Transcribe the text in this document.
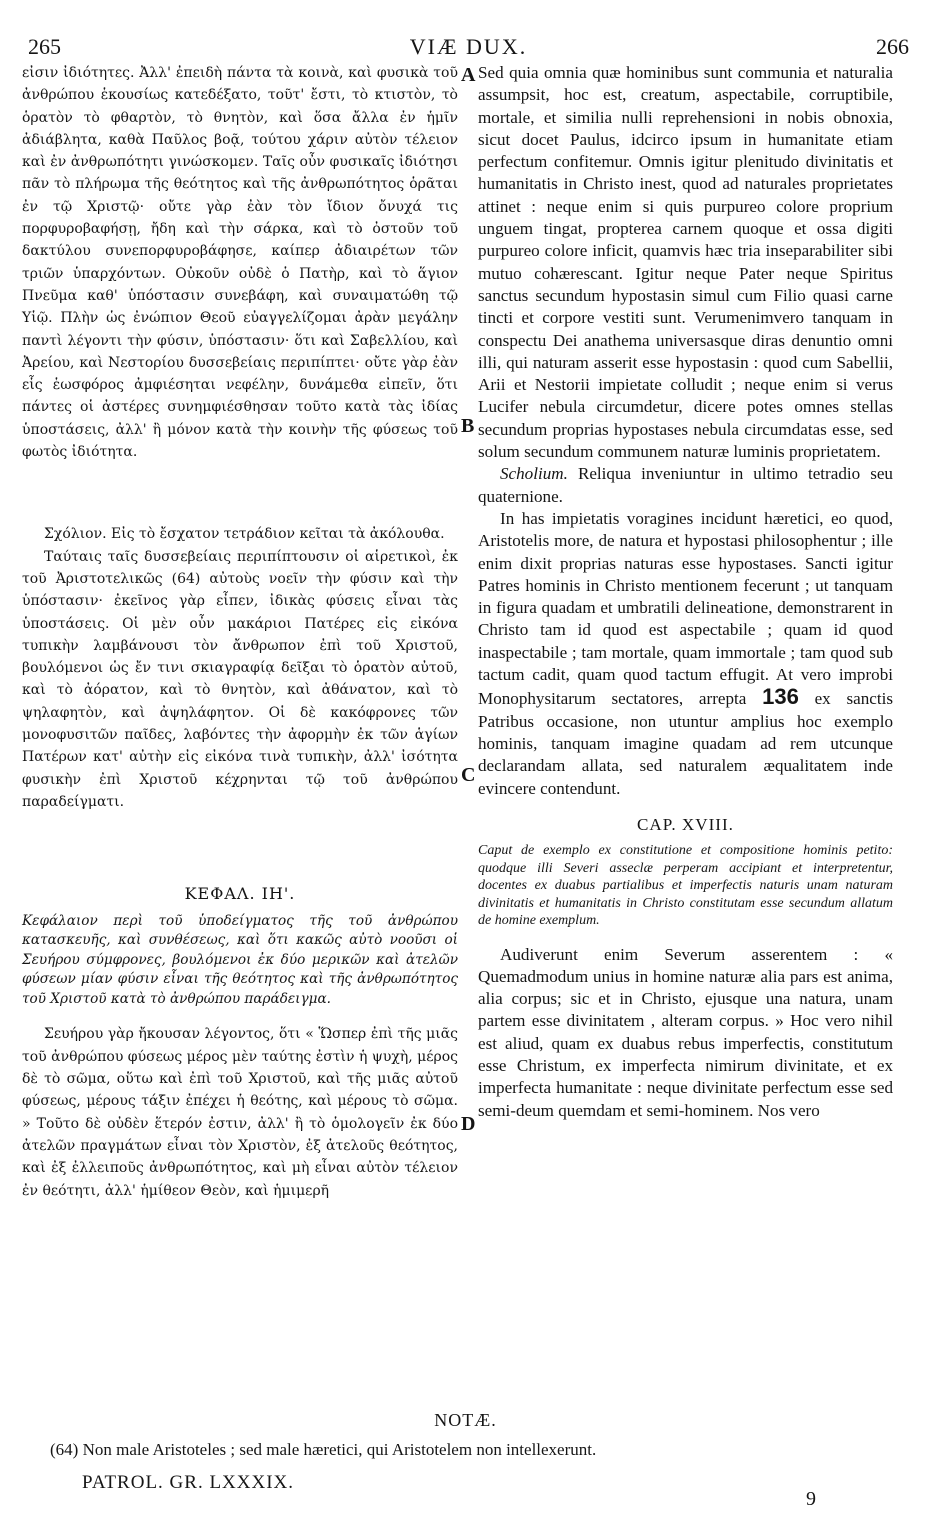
265	VIÆ DUX.	266

εἰσιν ἰδιότητες. Ἀλλ' ἐπειδὴ πάντα τὰ κοινὰ, καὶ φυσικὰ τοῦ ἀνθρώπου ἑκουσίως κατεδέξατο, τοῦτ' ἔστι, τὸ κτιστὸν, τὸ ὁρατὸν τὸ φθαρτὸν, τὸ θνητὸν, καὶ ὅσα ἄλλα ἐν ἡμῖν ἀδιάβλητα, καθὰ Παῦλος βοᾷ, τούτου χάριν αὐτὸν τέλειον καὶ ἐν ἀνθρωπότητι γινώσκομεν. Ταῖς οὖν φυσικαῖς ἰδιότησι πᾶν τὸ πλήρωμα τῆς θεότητος καὶ τῆς ἀνθρωπότητος ὁρᾶται ἐν τῷ Χριστῷ· οὔτε γὰρ ἐὰν τὸν ἴδιον ὄνυχά τις πορφυροβαφήσῃ, ἤδη καὶ τὴν σάρκα, καὶ τὸ ὀστοῦν τοῦ δακτύλου συνεπορφυροβάφησε, καίπερ ἀδιαιρέτων τῶν τριῶν ὑπαρχόντων. Οὐκοῦν οὐδὲ ὁ Πατὴρ, καὶ τὸ ἅγιον Πνεῦμα καθ' ὑπόστασιν συνεβάφη, καὶ συναιματώθη τῷ Υἱῷ. Πλὴν ὡς ἐνώπιον Θεοῦ εὐαγγελίζομαι ἀρὰν μεγάλην παντὶ λέγοντι τὴν φύσιν, ὑπόστασιν· ὅτι καὶ Σαβελλίου, καὶ Ἀρείου, καὶ Νεστορίου δυσσεβείαις περιπίπτει· οὔτε γὰρ ἐὰν εἷς ἑωσφόρος ἀμφιέσηται νεφέλην, δυνάμεθα εἰπεῖν, ὅτι πάντες οἱ ἀστέρες συνημφιέσθησαν τοῦτο κατὰ τὰς ἰδίας ὑποστάσεις, ἀλλ' ἢ μόνον κατὰ τὴν κοινὴν τῆς φύσεως τοῦ φωτὸς ἰδιότητα.

Σχόλιον. Εἰς τὸ ἔσχατον τετράδιον κεῖται τὰ ἀκόλουθα.

Ταύταις ταῖς δυσσεβείαις περιπίπτουσιν οἱ αἱρετικοὶ, ἐκ τοῦ Ἀριστοτελικῶς (64) αὐτοὺς νοεῖν τὴν φύσιν καὶ τὴν ὑπόστασιν· ἐκεῖνος γὰρ εἶπεν, ἰδικὰς φύσεις εἶναι τὰς ὑποστάσεις. Οἱ μὲν οὖν μακάριοι Πατέρες εἰς εἰκόνα τυπικὴν λαμβάνουσι τὸν ἄνθρωπον ἐπὶ τοῦ Χριστοῦ, βουλόμενοι ὡς ἔν τινι σκιαγραφίᾳ δεῖξαι τὸ ὁρατὸν αὐτοῦ, καὶ τὸ ἀόρατον, καὶ τὸ θνητὸν, καὶ ἀθάνατον, καὶ τὸ ψηλαφητὸν, καὶ ἀψηλάφητον. Οἱ δὲ κακόφρονες τῶν μονοφυσιτῶν παῖδες, λαβόντες τὴν ἀφορμὴν ἐκ τῶν ἁγίων Πατέρων κατ' αὐτὴν εἰς εἰκόνα τινὰ τυπικὴν, ἀλλ' ἰσότητα φυσικὴν ἐπὶ Χριστοῦ κέχρηνται τῷ τοῦ ἀνθρώπου παραδείγματι.

ΚΕΦΑΛ. ΙΗ'.

Κεφάλαιον περὶ τοῦ ὑποδείγματος τῆς τοῦ ἀνθρώπου κατασκευῆς, καὶ συνθέσεως, καὶ ὅτι κακῶς αὐτὸ νοοῦσι οἱ Σευήρου σύμφρονες, βουλόμενοι ἐκ δύο μερικῶν καὶ ἀτελῶν φύσεων μίαν φύσιν εἶναι τῆς θεότητος καὶ τῆς ἀνθρωπότητος τοῦ Χριστοῦ κατὰ τὸ ἀνθρώπου παράδειγμα.

Σευήρου γὰρ ἤκουσαν λέγοντος, ὅτι « Ὥσπερ ἐπὶ τῆς μιᾶς τοῦ ἀνθρώπου φύσεως μέρος μὲν ταύτης ἐστὶν ἡ ψυχὴ, μέρος δὲ τὸ σῶμα, οὕτω καὶ ἐπὶ τοῦ Χριστοῦ, καὶ τῆς μιᾶς αὐτοῦ φύσεως, μέρους τάξιν ἐπέχει ἡ θεότης, καὶ μέρους τὸ σῶμα. » Τοῦτο δὲ οὐδὲν ἕτερόν ἐστιν, ἀλλ' ἢ τὸ ὁμολογεῖν ἐκ δύο ἀτελῶν πραγμάτων εἶναι τὸν Χριστὸν, ἐξ ἀτελοῦς θεότητος, καὶ ἐξ ἐλλειποῦς ἀνθρωπότητος, καὶ μὴ εἶναι αὐτὸν τέλειον ἐν θεότητι, ἀλλ' ἡμίθεον Θεὸν, καὶ ἡμιμερῆ

Sed quia omnia quæ hominibus sunt communia et naturalia assumpsit, hoc est, creatum, aspectabile, corruptibile, mortale, et similia nulli reprehensioni in nobis obnoxia, sicut docet Paulus, idcirco ipsum in humanitate etiam perfectum confitemur. Omnis igitur plenitudo divinitatis et humanitatis in Christo inest, quod ad naturales proprietates attinet : neque enim si quis purpureo colore proprium unguem tingat, propterea carnem quoque et ossa digiti purpureo colore inficit, quamvis hæc tria inseparabiliter sibi mutuo cohærescant. Igitur neque Pater neque Spiritus sanctus secundum hypostasin simul cum Filio quasi carne tincti et corpore vestiti sunt. Verumenimvero tanquam in conspectu Dei anathema universasque diras denuntio omni illi, qui naturam asserit esse hypostasin : quod cum Sabellii, Arii et Nestorii impietate colludit ; neque enim si verus Lucifer nebula circumdetur, dicere potes omnes stellas secundum proprias hypostases nebula circumdatas esse, sed solum secundum communem naturæ luminis proprietatem.

Scholium. Reliqua inveniuntur in ultimo tetradio seu quaternione.

In has impietatis voragines incidunt hæretici, eo quod, Aristotelis more, de natura et hypostasi philosophentur ; ille enim dixit proprias naturas esse hypostases. Sancti igitur Patres hominis in Christo mentionem fecerunt ; ut tanquam in figura quadam et umbratili delineatione, demonstrarent in Christo tam id quod est aspectabile ; quam id quod inaspectabile ; tam mortale, quam immortale ; tam quod sub tactum cadit, quam quod tactum effugit. At vero improbi Monophysitarum sectatores, arrepta 136 ex sanctis Patribus occasione, non utuntur amplius hoc exemplo hominis, tanquam imagine quadam ad rem utcunque declarandam allata, sed naturalem æqualitatem inde evincere contendunt.

CAP. XVIII.

Caput de exemplo ex constitutione et compositione hominis petito: quodque illi Severi asseclæ perperam accipiant et interpretentur, docentes ex duabus partialibus et imperfectis naturis unam naturam divinitatis et humanitatis in Christo constitutam esse secundum allatum de homine exemplum.

Audiverunt enim Severum asserentem : « Quemadmodum unius in homine naturæ alia pars est anima, alia corpus; sic et in Christo, ejusque una natura, unam partem esse divinitatem , alteram corpus. » Hoc vero nihil est aliud, quam ex duabus rebus imperfectis, constitutum esse Christum, ex imperfecta nimirum divinitate, et ex imperfecta humanitate : neque divinitate perfectum esse sed semi-deum quemdam et semi-hominem. Nos vero

A
B
C
D
NOTÆ.
(64) Non male Aristoteles ; sed male hæretici, qui Aristotelem non intellexerunt.
PATROL. GR. LXXXIX.
9
